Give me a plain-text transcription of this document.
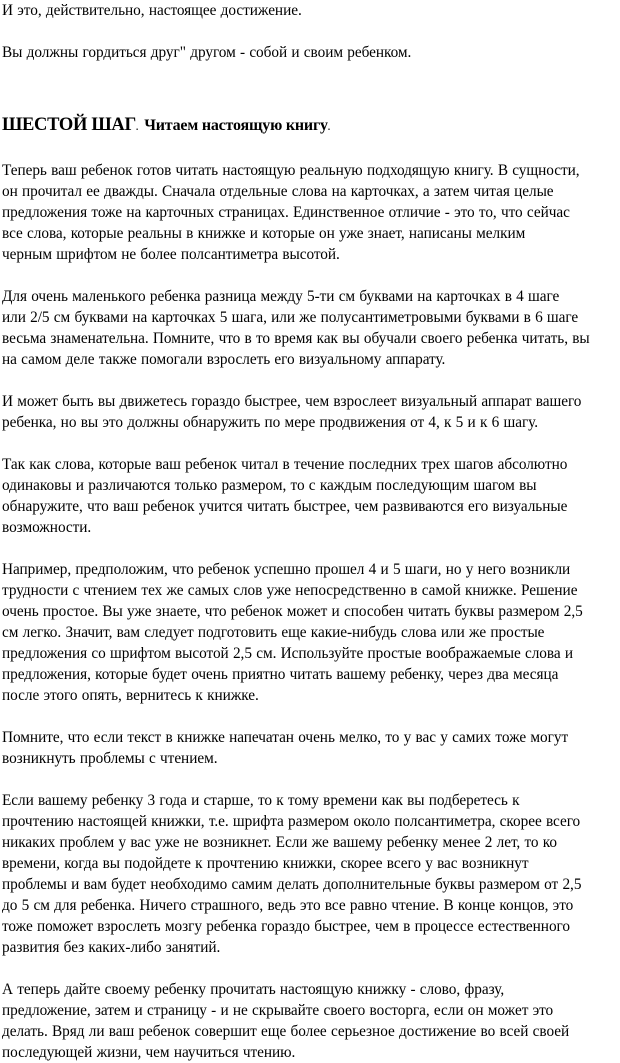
И это, действительно, настоящее достижение.

Вы должны гордиться друг" другом - собой и своим ребенком.

ШЕСТОЙ ШАГ. Читаем настоящую книгу.

Теперь ваш ребенок готов читать настоящую реальную подходящую книгу. В сущности,

он прочитал ее дважды. Сначала отдельные слова на карточках, а затем читая целые

предложения тоже на карточных страницах. Единственное отличие - это то, что сейчас

все слова, которые реальны в книжке и которые он уже знает, написаны мелким

черным шрифтом не более полсантиметра высотой.

Для очень маленького ребенка разница между 5-ти см буквами на карточках в 4 шаге

или 2/5 см буквами на карточках 5 шага, или же полусантиметровыми буквами в 6 шаге

весьма знаменательна. Помните, что в то время как вы обучали своего ребенка читать, вы

на самом деле также помогали взрослеть его визуальному аппарату.

И может быть вы движетесь гораздо быстрее, чем взрослеет визуальный аппарат вашего

ребенка, но вы это должны обнаружить по мере продвижения от 4, к 5 и к 6 шагу.

Так как слова, которые ваш ребенок читал в течение последних трех шагов абсолютно

одинаковы и различаются только размером, то с каждым последующим шагом вы

обнаружите, что ваш ребенок учится читать быстрее, чем развиваются его визуальные

возможности.

Например, предположим, что ребенок успешно прошел 4 и 5 шаги, но у него возникли

трудности с чтением тех же самых слов уже непосредственно в самой книжке. Решение

очень простое. Вы уже знаете, что ребенок может и способен читать буквы размером 2,5

см легко. Значит, вам следует подготовить еще какие-нибудь слова или же простые

предложения со шрифтом высотой 2,5 см. Используйте простые воображаемые слова и

предложения, которые будет очень приятно читать вашему ребенку, через два месяца

после этого опять, вернитесь к книжке.

Помните, что если текст в книжке напечатан очень мелко, то у вас у самих тоже могут

возникнуть проблемы с чтением.

Если вашему ребенку 3 года и старше, то к тому времени как вы подберетесь к

прочтению настоящей книжки, т.е. шрифта размером около полсантиметра, скорее всего

никаких проблем у вас уже не возникнет. Если же вашему ребенку менее 2 лет, то ко

времени, когда вы подойдете к прочтению книжки, скорее всего у вас возникнут

проблемы и вам будет необходимо самим делать дополнительные буквы размером от 2,5

до 5 см для ребенка. Ничего страшного, ведь это все равно чтение. В конце концов, это

тоже поможет взрослеть мозгу ребенка гораздо быстрее, чем в процессе естественного

развития без каких-либо занятий.

А теперь дайте своему ребенку прочитать настоящую книжку - слово, фразу,

предложение, затем и страницу - и не скрывайте своего восторга, если он может это

делать. Вряд ли ваш ребенок совершит еще более серьезное достижение во всей своей

последующей жизни, чем научиться чтению.
